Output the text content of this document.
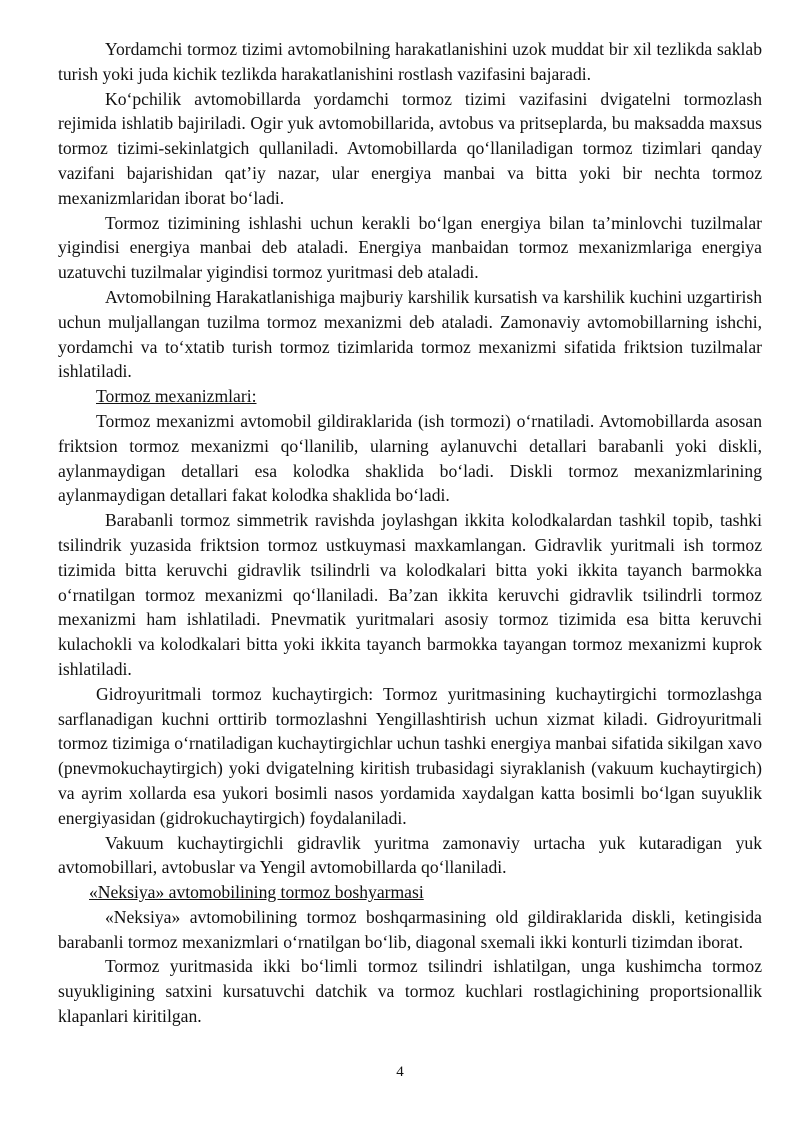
Yordamchi tormoz tizimi avtomobilning harakatlanishini uzok muddat bir xil tezlikda saklab turish yoki juda kichik tezlikda harakatlanishini rostlash vazifasini bajaradi.

Koʻpchilik avtomobillarda yordamchi tormoz tizimi vazifasini dvigatelni tormozlash rejimida ishlatib bajiriladi. Ogir yuk avtomobillarida, avtobus va pritseplarda, bu maksadda maxsus tormoz tizimi-sekinlatgich qullaniladi. Avtomobillarda qoʻllaniladigan tormoz tizimlari qanday vazifani bajarishidan qatʼiy nazar, ular energiya manbai va bitta yoki bir nechta tormoz mexanizmlaridan iborat boʻladi.

Tormoz tizimining ishlashi uchun kerakli boʻlgan energiya bilan taʼminlovchi tuzilmalar yigindisi energiya manbai deb ataladi. Energiya manbaidan tormoz mexanizmlariga energiya uzatuvchi tuzilmalar yigindisi tormoz yuritmasi deb ataladi.

Avtomobilning Harakatlanishiga majburiy karshilik kursatish va karshilik kuchini uzgartirish uchun muljallangan tuzilma tormoz mexanizmi deb ataladi. Zamonaviy avtomobillarning ishchi, yordamchi va toʻxtatib turish tormoz tizimlarida tormoz mexanizmi sifatida friktsion tuzilmalar ishlatiladi.

Tormoz mexanizmlari:

Tormoz mexanizmi avtomobil gildiraklarida (ish tormozi) oʻrnatiladi. Avtomobillarda asosan friktsion tormoz mexanizmi qoʻllanilib, ularning aylanuvchi detallari barabanli yoki diskli, aylanmaydigan detallari esa kolodka shaklida boʻladi. Diskli tormoz mexanizmlarining aylanmaydigan detallari fakat kolodka shaklida boʻladi.

Barabanli tormoz simmetrik ravishda joylashgan ikkita kolodkalardan tashkil topib, tashki tsilindrik yuzasida friktsion tormoz ustkuymasi maxkamlangan. Gidravlik yuritmali ish tormoz tizimida bitta keruvchi gidravlik tsilindrli va kolodkalari bitta yoki ikkita tayanch barmokka oʻrnatilgan tormoz mexanizmi qoʻllaniladi. Baʼzan ikkita keruvchi gidravlik tsilindrli tormoz mexanizmi ham ishlatiladi. Pnevmatik yuritmalari asosiy tormoz tizimida esa bitta keruvchi kulachokli va kolodkalari bitta yoki ikkita tayanch barmokka tayangan tormoz mexanizmi kuprok ishlatiladi.

Gidroyuritmali tormoz kuchaytirgich: Tormoz yuritmasining kuchaytirgichi tormozlashga sarflanadigan kuchni orttirib tormozlashni Yengillashtirish uchun xizmat kiladi. Gidroyuritmali tormoz tizimiga oʻrnatiladigan kuchaytirgichlar uchun tashki energiya manbai sifatida sikilgan xavo (pnevmokuchaytirgich) yoki dvigatelning kiritish trubasidagi siyraklanish (vakuum kuchaytirgich) va ayrim xollarda esa yukori bosimli nasos yordamida xaydalgan katta bosimli boʻlgan suyuklik energiyasidan (gidrokuchaytirgich) foydalaniladi.

Vakuum kuchaytirgichli gidravlik yuritma zamonaviy urtacha yuk kutaradigan yuk avtomobillari, avtobuslar va Yengil avtomobillarda qoʻllaniladi.

«Neksiya» avtomobilining tormoz boshyarmasi

«Neksiya» avtomobilining tormoz boshqarmasining old gildiraklarida diskli, ketingisida barabanli tormoz mexanizmlari oʻrnatilgan boʻlib, diagonal sxemali ikki konturli tizimdan iborat.

Tormoz yuritmasida ikki boʻlimli tormoz tsilindri ishlatilgan, unga kushimcha tormoz suyukligining satxini kursatuvchi datchik va tormoz kuchlari rostlagichining proportsionallik klapanlari kiritilgan.

4
